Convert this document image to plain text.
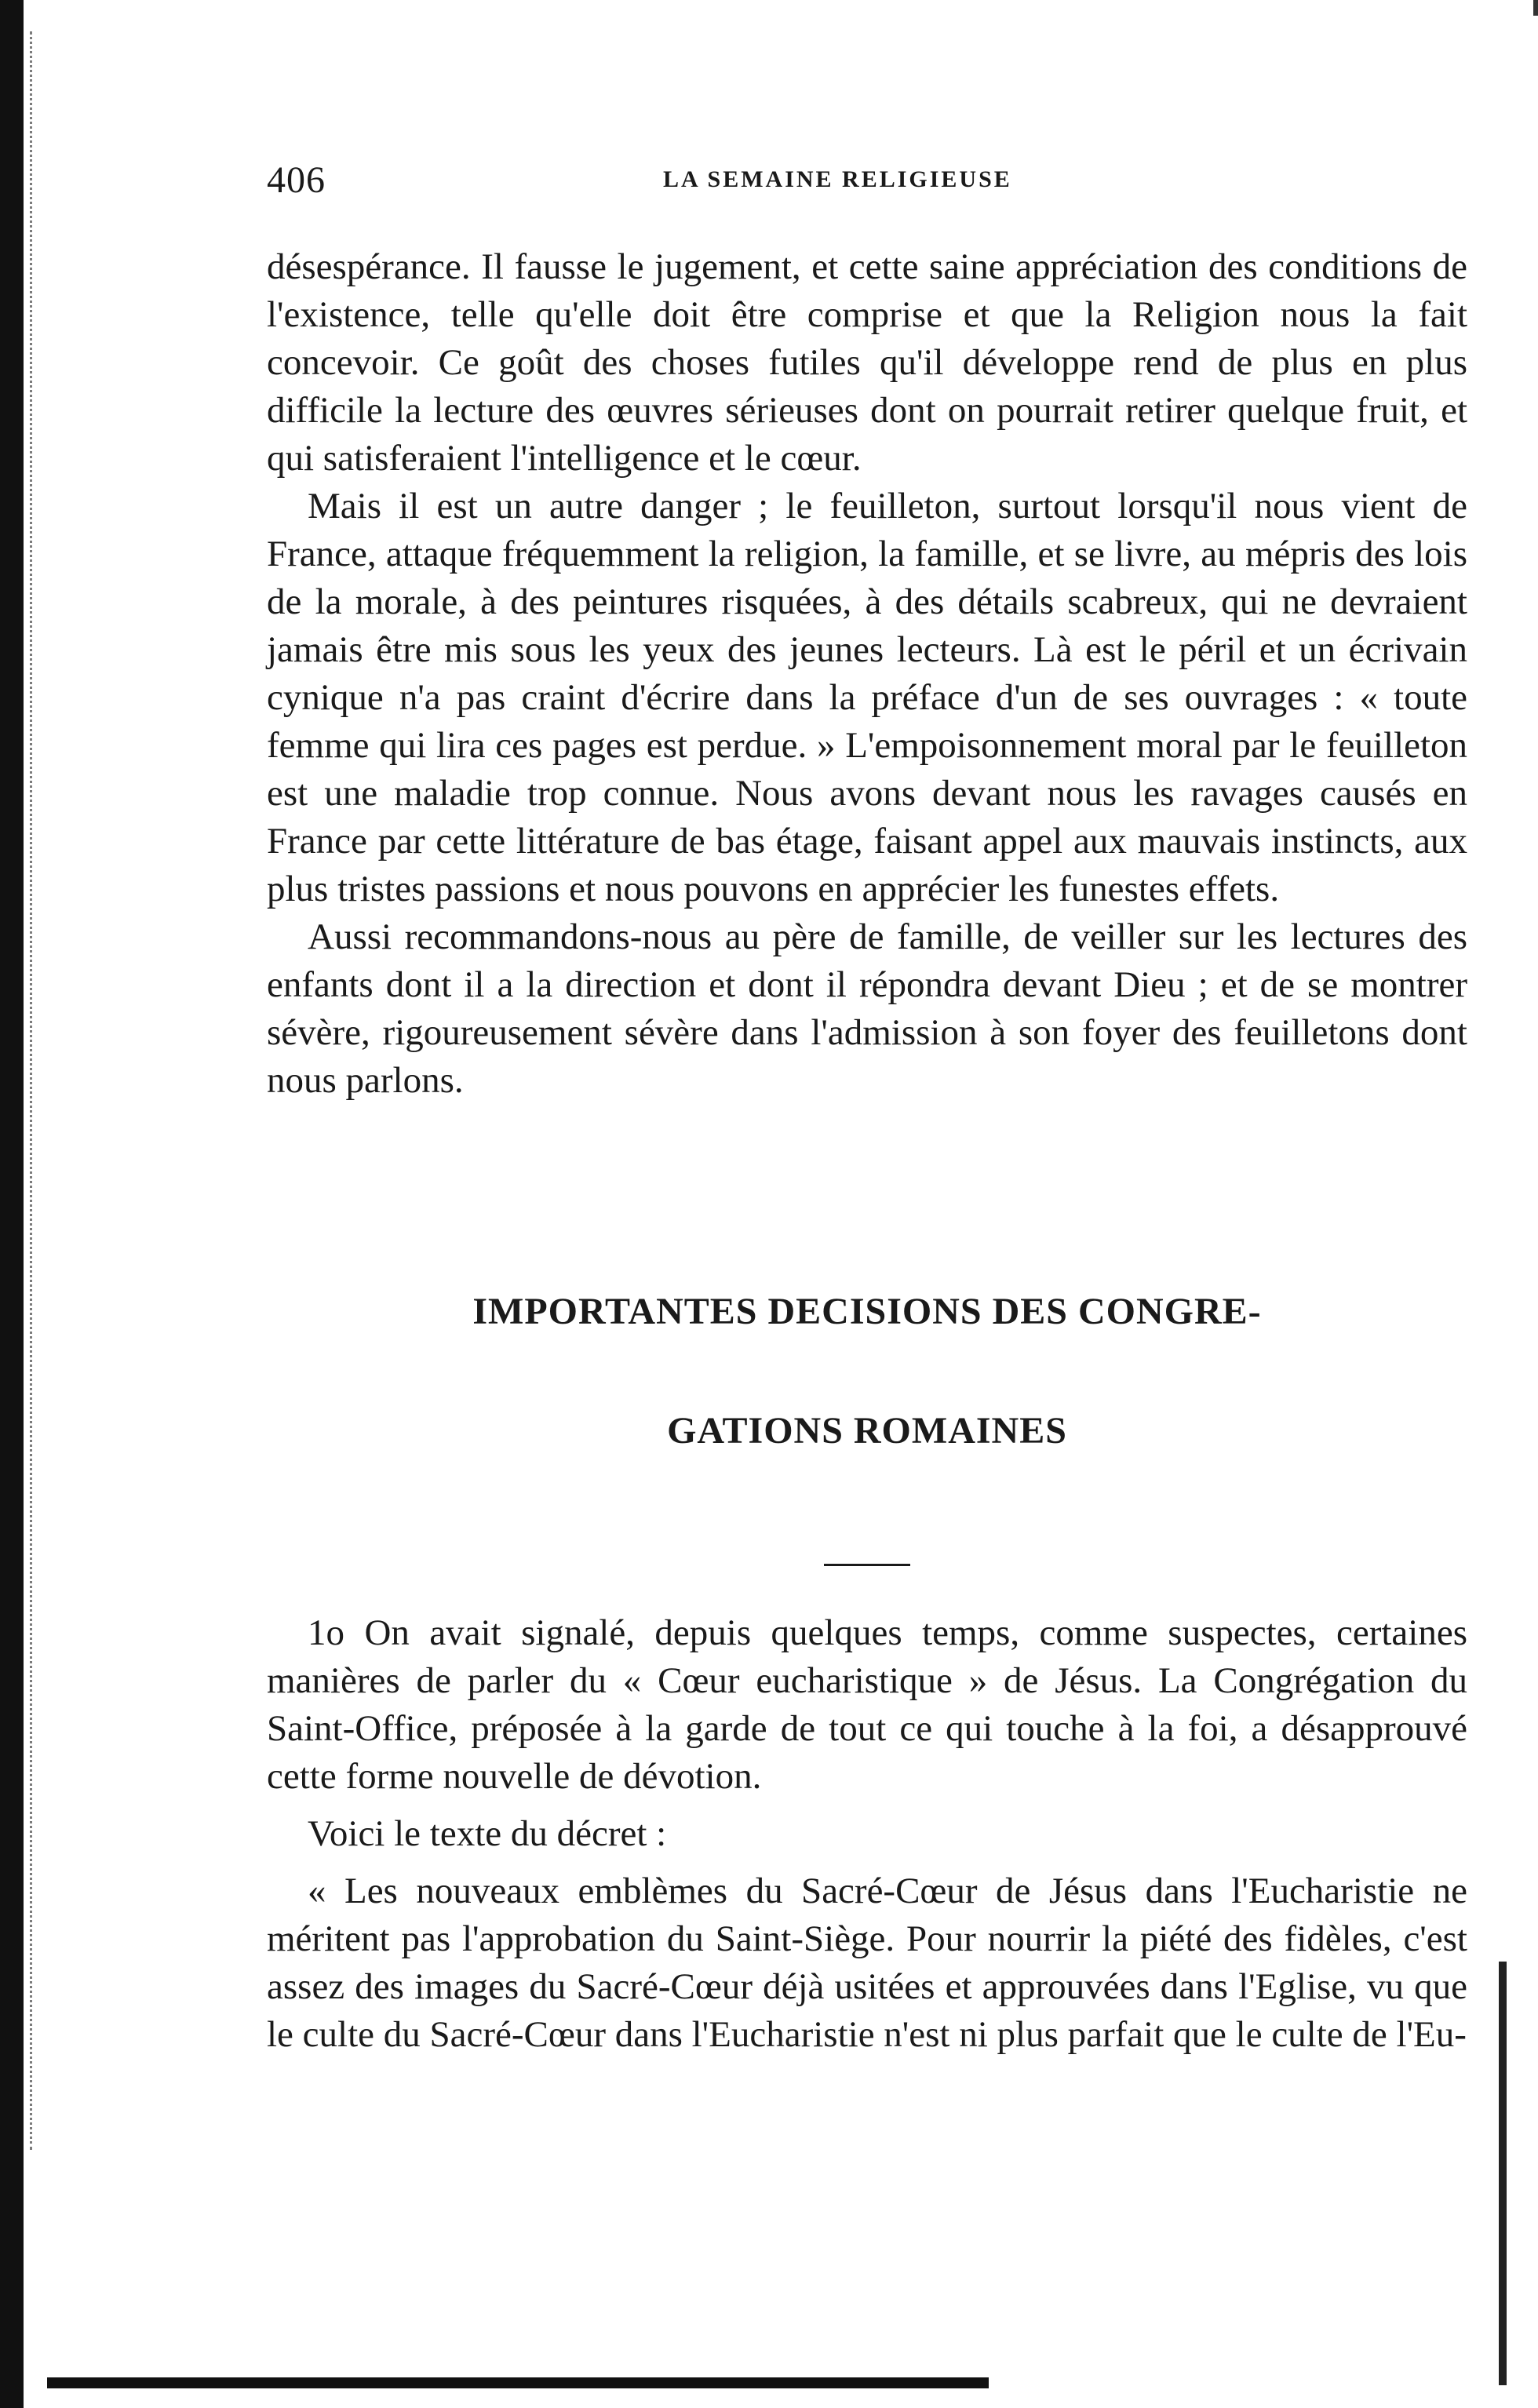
406	LA SEMAINE RELIGIEUSE

désespérance. Il fausse le jugement, et cette saine appréciation des conditions de l'existence, telle qu'elle doit être comprise et que la Religion nous la fait concevoir. Ce goût des choses futiles qu'il développe rend de plus en plus difficile la lecture des œuvres sérieuses dont on pourrait retirer quelque fruit, et qui satisferaient l'intelligence et le cœur.

Mais il est un autre danger ; le feuilleton, surtout lorsqu'il nous vient de France, attaque fréquemment la religion, la famille, et se livre, au mépris des lois de la morale, à des peintures risquées, à des détails scabreux, qui ne devraient jamais être mis sous les yeux des jeunes lecteurs. Là est le péril et un écrivain cynique n'a pas craint d'écrire dans la préface d'un de ses ouvrages : « toute femme qui lira ces pages est perdue. » L'empoisonnement moral par le feuilleton est une maladie trop connue. Nous avons devant nous les ravages causés en France par cette littérature de bas étage, faisant appel aux mauvais instincts, aux plus tristes passions et nous pouvons en apprécier les funestes effets.

Aussi recommandons-nous au père de famille, de veiller sur les lectures des enfants dont il a la direction et dont il répondra devant Dieu ; et de se montrer sévère, rigoureusement sévère dans l'admission à son foyer des feuilletons dont nous parlons.

IMPORTANTES DECISIONS DES CONGRE-

GATIONS ROMAINES

1o On avait signalé, depuis quelques temps, comme suspectes, certaines manières de parler du « Cœur eucharistique » de Jésus. La Congrégation du Saint-Office, préposée à la garde de tout ce qui touche à la foi, a désapprouvé cette forme nouvelle de dévotion.

Voici le texte du décret :

« Les nouveaux emblèmes du Sacré-Cœur de Jésus dans l'Eucharistie ne méritent pas l'approbation du Saint-Siège. Pour nourrir la piété des fidèles, c'est assez des images du Sacré-Cœur déjà usitées et approuvées dans l'Eglise, vu que le culte du Sacré-Cœur dans l'Eucharistie n'est ni plus parfait que le culte de l'Eu-
